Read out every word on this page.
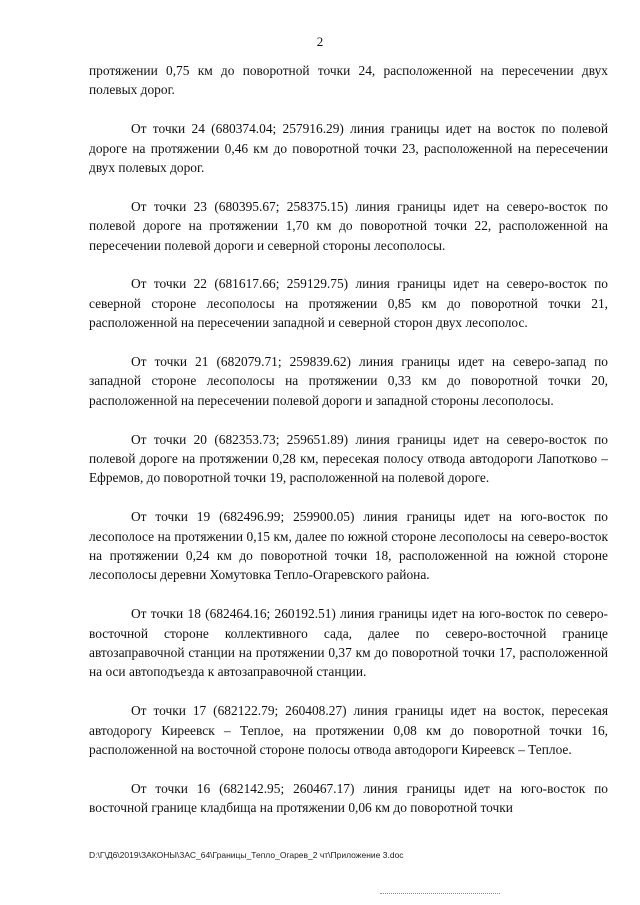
2

протяжении 0,75 км до поворотной точки 24, расположенной на пересечении двух полевых дорог.

От точки 24 (680374.04; 257916.29) линия границы идет на восток по полевой дороге на протяжении 0,46 км до поворотной точки 23, расположенной на пересечении двух полевых дорог.

От точки 23 (680395.67; 258375.15) линия границы идет на северо-восток по полевой дороге на протяжении 1,70 км до поворотной точки 22, расположенной на пересечении полевой дороги и северной стороны лесополосы.

От точки 22 (681617.66; 259129.75) линия границы идет на северо-восток по северной стороне лесополосы на протяжении 0,85 км до поворотной точки 21, расположенной на пересечении западной и северной сторон двух лесополос.

От точки 21 (682079.71; 259839.62) линия границы идет на северо-запад по западной стороне лесополосы на протяжении 0,33 км до поворотной точки 20, расположенной на пересечении полевой дороги и западной стороны лесополосы.

От точки 20 (682353.73; 259651.89) линия границы идет на северо-восток по полевой дороге на протяжении 0,28 км, пересекая полосу отвода автодороги Лапотково – Ефремов, до поворотной точки 19, расположенной на полевой дороге.

От точки 19 (682496.99; 259900.05) линия границы идет на юго-восток по лесополосе на протяжении 0,15 км, далее по южной стороне лесополосы на северо-восток на протяжении 0,24 км до поворотной точки 18, расположенной на южной стороне лесополосы деревни Хомутовка Тепло-Огаревского района.

От точки 18 (682464.16; 260192.51) линия границы идет на юго-восток по северо-восточной стороне коллективного сада, далее по северо-восточной границе автозаправочной станции на протяжении 0,37 км до поворотной точки 17, расположенной на оси автоподъезда к автозаправочной станции.

От точки 17 (682122.79; 260408.27) линия границы идет на восток, пересекая автодорогу Киреевск – Теплое, на протяжении 0,08 км до поворотной точки 16, расположенной на восточной стороне полосы отвода автодороги Киреевск – Теплое.

От точки 16 (682142.95; 260467.17) линия границы идет на юго-восток по восточной границе кладбища на протяжении 0,06 км до поворотной точки

D:\Г\Д6\2019\ЗАКОНЫ\ЗАС_64\Границы_Тепло_Огарев_2 чт\Приложение 3.doc
